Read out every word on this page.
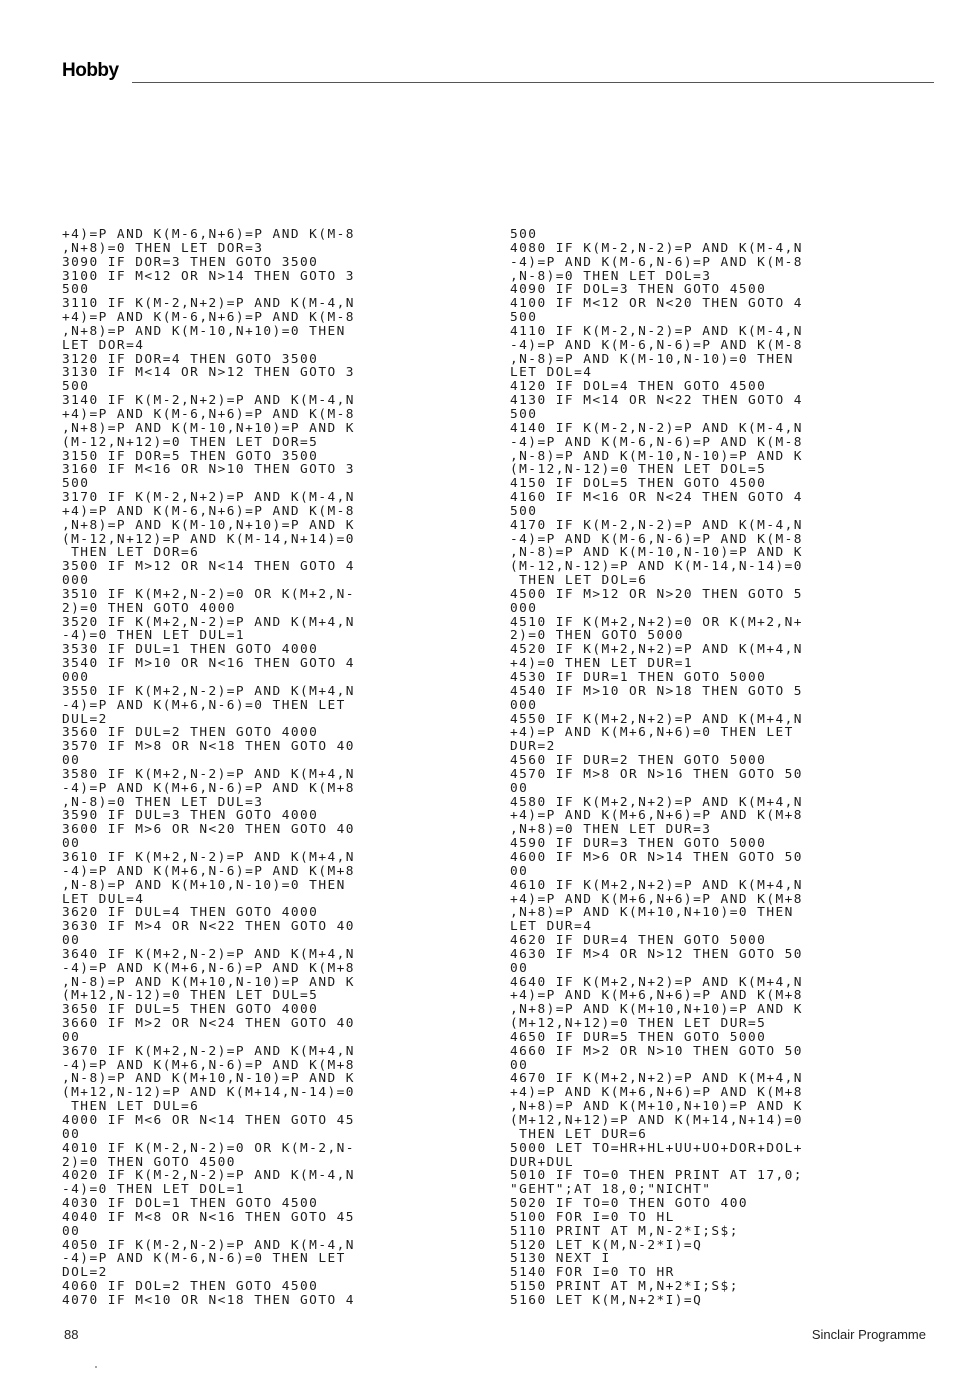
Hobby
+4)=P AND K(M-6,N+6)=P AND K(M-8
,N+8)=0 THEN LET DOR=3
3090 IF DOR=3 THEN GOTO 3500
3100 IF M<12 OR N>14 THEN GOTO 3
500
3110 IF K(M-2,N+2)=P AND K(M-4,N
+4)=P AND K(M-6,N+6)=P AND K(M-8
,N+8)=P AND K(M-10,N+10)=0 THEN
LET DOR=4
3120 IF DOR=4 THEN GOTO 3500
3130 IF M<14 OR N>12 THEN GOTO 3
500
3140 IF K(M-2,N+2)=P AND K(M-4,N
+4)=P AND K(M-6,N+6)=P AND K(M-8
,N+8)=P AND K(M-10,N+10)=P AND K
(M-12,N+12)=0 THEN LET DOR=5
3150 IF DOR=5 THEN GOTO 3500
3160 IF M<16 OR N>10 THEN GOTO 3
500
3170 IF K(M-2,N+2)=P AND K(M-4,N
+4)=P AND K(M-6,N+6)=P AND K(M-8
,N+8)=P AND K(M-10,N+10)=P AND K
(M-12,N+12)=P AND K(M-14,N+14)=0
THEN LET DOR=6
3500 IF M>12 OR N<14 THEN GOTO 4
000
3510 IF K(M+2,N-2)=0 OR K(M+2,N-
2)=0 THEN GOTO 4000
3520 IF K(M+2,N-2)=P AND K(M+4,N
-4)=0 THEN LET DUL=1
3530 IF DUL=1 THEN GOTO 4000
3540 IF M>10 OR N<16 THEN GOTO 4
000
3550 IF K(M+2,N-2)=P AND K(M+4,N
-4)=P AND K(M+6,N-6)=0 THEN LET
DUL=2
3560 IF DUL=2 THEN GOTO 4000
3570 IF M>8 OR N<18 THEN GOTO 40
00
3580 IF K(M+2,N-2)=P AND K(M+4,N
-4)=P AND K(M+6,N-6)=P AND K(M+8
,N-8)=0 THEN LET DUL=3
3590 IF DUL=3 THEN GOTO 4000
3600 IF M>6 OR N<20 THEN GOTO 40
00
3610 IF K(M+2,N-2)=P AND K(M+4,N
-4)=P AND K(M+6,N-6)=P AND K(M+8
,N-8)=P AND K(M+10,N-10)=0 THEN
LET DUL=4
3620 IF DUL=4 THEN GOTO 4000
3630 IF M>4 OR N<22 THEN GOTO 40
00
3640 IF K(M+2,N-2)=P AND K(M+4,N
-4)=P AND K(M+6,N-6)=P AND K(M+8
,N-8)=P AND K(M+10,N-10)=P AND K
(M+12,N-12)=0 THEN LET DUL=5
3650 IF DUL=5 THEN GOTO 4000
3660 IF M>2 OR N<24 THEN GOTO 40
00
3670 IF K(M+2,N-2)=P AND K(M+4,N
-4)=P AND K(M+6,N-6)=P AND K(M+8
,N-8)=P AND K(M+10,N-10)=P AND K
(M+12,N-12)=P AND K(M+14,N-14)=0
THEN LET DUL=6
4000 IF M<6 OR N<14 THEN GOTO 45
00
4010 IF K(M-2,N-2)=0 OR K(M-2,N-
2)=0 THEN GOTO 4500
4020 IF K(M-2,N-2)=P AND K(M-4,N
-4)=0 THEN LET DOL=1
4030 IF DOL=1 THEN GOTO 4500
4040 IF M<8 OR N<16 THEN GOTO 45
00
4050 IF K(M-2,N-2)=P AND K(M-4,N
-4)=P AND K(M-6,N-6)=0 THEN LET
DOL=2
4060 IF DOL=2 THEN GOTO 4500
4070 IF M<10 OR N<18 THEN GOTO 4
500
4080 IF K(M-2,N-2)=P AND K(M-4,N
-4)=P AND K(M-6,N-6)=P AND K(M-8
,N-8)=0 THEN LET DOL=3
4090 IF DOL=3 THEN GOTO 4500
4100 IF M<12 OR N<20 THEN GOTO 4
500
4110 IF K(M-2,N-2)=P AND K(M-4,N
-4)=P AND K(M-6,N-6)=P AND K(M-8
,N-8)=P AND K(M-10,N-10)=0 THEN
LET DOL=4
4120 IF DOL=4 THEN GOTO 4500
4130 IF M<14 OR N<22 THEN GOTO 4
500
4140 IF K(M-2,N-2)=P AND K(M-4,N
-4)=P AND K(M-6,N-6)=P AND K(M-8
,N-8)=P AND K(M-10,N-10)=P AND K
(M-12,N-12)=0 THEN LET DOL=5
4150 IF DOL=5 THEN GOTO 4500
4160 IF M<16 OR N<24 THEN GOTO 4
500
4170 IF K(M-2,N-2)=P AND K(M-4,N
-4)=P AND K(M-6,N-6)=P AND K(M-8
,N-8)=P AND K(M-10,N-10)=P AND K
(M-12,N-12)=P AND K(M-14,N-14)=0
THEN LET DOL=6
4500 IF M>12 OR N>20 THEN GOTO 5
000
4510 IF K(M+2,N+2)=0 OR K(M+2,N+
2)=0 THEN GOTO 5000
4520 IF K(M+2,N+2)=P AND K(M+4,N
+4)=0 THEN LET DUR=1
4530 IF DUR=1 THEN GOTO 5000
4540 IF M>10 OR N>18 THEN GOTO 5
000
4550 IF K(M+2,N+2)=P AND K(M+4,N
+4)=P AND K(M+6,N+6)=0 THEN LET
DUR=2
4560 IF DUR=2 THEN GOTO 5000
4570 IF M>8 OR N>16 THEN GOTO 50
00
4580 IF K(M+2,N+2)=P AND K(M+4,N
+4)=P AND K(M+6,N+6)=P AND K(M+8
,N+8)=0 THEN LET DUR=3
4590 IF DUR=3 THEN GOTO 5000
4600 IF M>6 OR N>14 THEN GOTO 50
00
4610 IF K(M+2,N+2)=P AND K(M+4,N
+4)=P AND K(M+6,N+6)=P AND K(M+8
,N+8)=P AND K(M+10,N+10)=0 THEN
LET DUR=4
4620 IF DUR=4 THEN GOTO 5000
4630 IF M>4 OR N>12 THEN GOTO 50
00
4640 IF K(M+2,N+2)=P AND K(M+4,N
+4)=P AND K(M+6,N+6)=P AND K(M+8
,N+8)=P AND K(M+10,N+10)=P AND K
(M+12,N+12)=0 THEN LET DUR=5
4650 IF DUR=5 THEN GOTO 5000
4660 IF M>2 OR N>10 THEN GOTO 50
00
4670 IF K(M+2,N+2)=P AND K(M+4,N
+4)=P AND K(M+6,N+6)=P AND K(M+8
,N+8)=P AND K(M+10,N+10)=P AND K
(M+12,N+12)=P AND K(M+14,N+14)=0
THEN LET DUR=6
5000 LET TO=HR+HL+UU+UO+DOR+DOL+
DUR+DUL
5010 IF TO=0 THEN PRINT AT 17,0;
"GEHT";AT 18,0;"NICHT"
5020 IF TO=0 THEN GOTO 400
5100 FOR I=0 TO HL
5110 PRINT AT M,N-2*I;S$;
5120 LET K(M,N-2*I)=Q
5130 NEXT I
5140 FOR I=0 TO HR
5150 PRINT AT M,N+2*I;S$;
5160 LET K(M,N+2*I)=Q
88	Sinclair Programme
